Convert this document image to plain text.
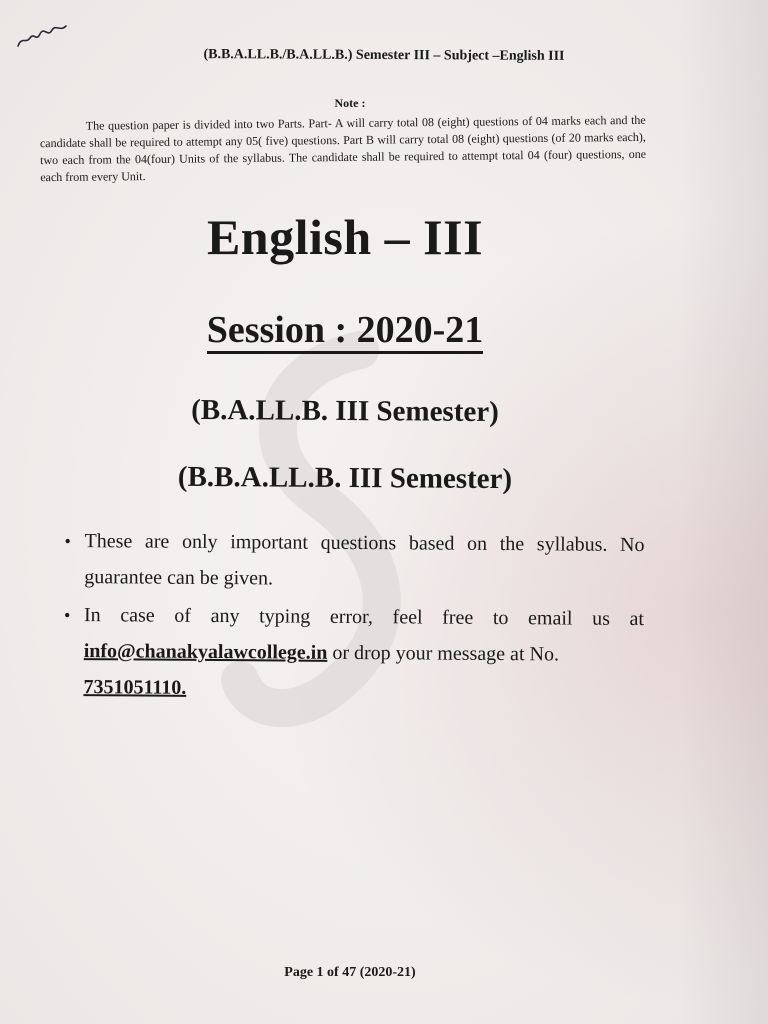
(B.B.A.LL.B./B.A.LL.B.) Semester III – Subject –English III
Note :
The question paper is divided into two Parts. Part- A will carry total 08 (eight) questions of 04 marks each and the candidate shall be required to attempt any 05( five) questions. Part B will carry total 08 (eight) questions (of 20 marks each), two each from the 04(four) Units of the syllabus. The candidate shall be required to attempt total 04 (four) questions, one each from every Unit.
English – III
Session : 2020-21
(B.A.LL.B. III Semester)
(B.B.A.LL.B. III Semester)
• These are only important questions based on the syllabus. No guarantee can be given.
• In case of any typing error, feel free to email us at info@chanakyalawcollege.in or drop your message at No.
7351051110.
Page 1 of 47 (2020-21)
